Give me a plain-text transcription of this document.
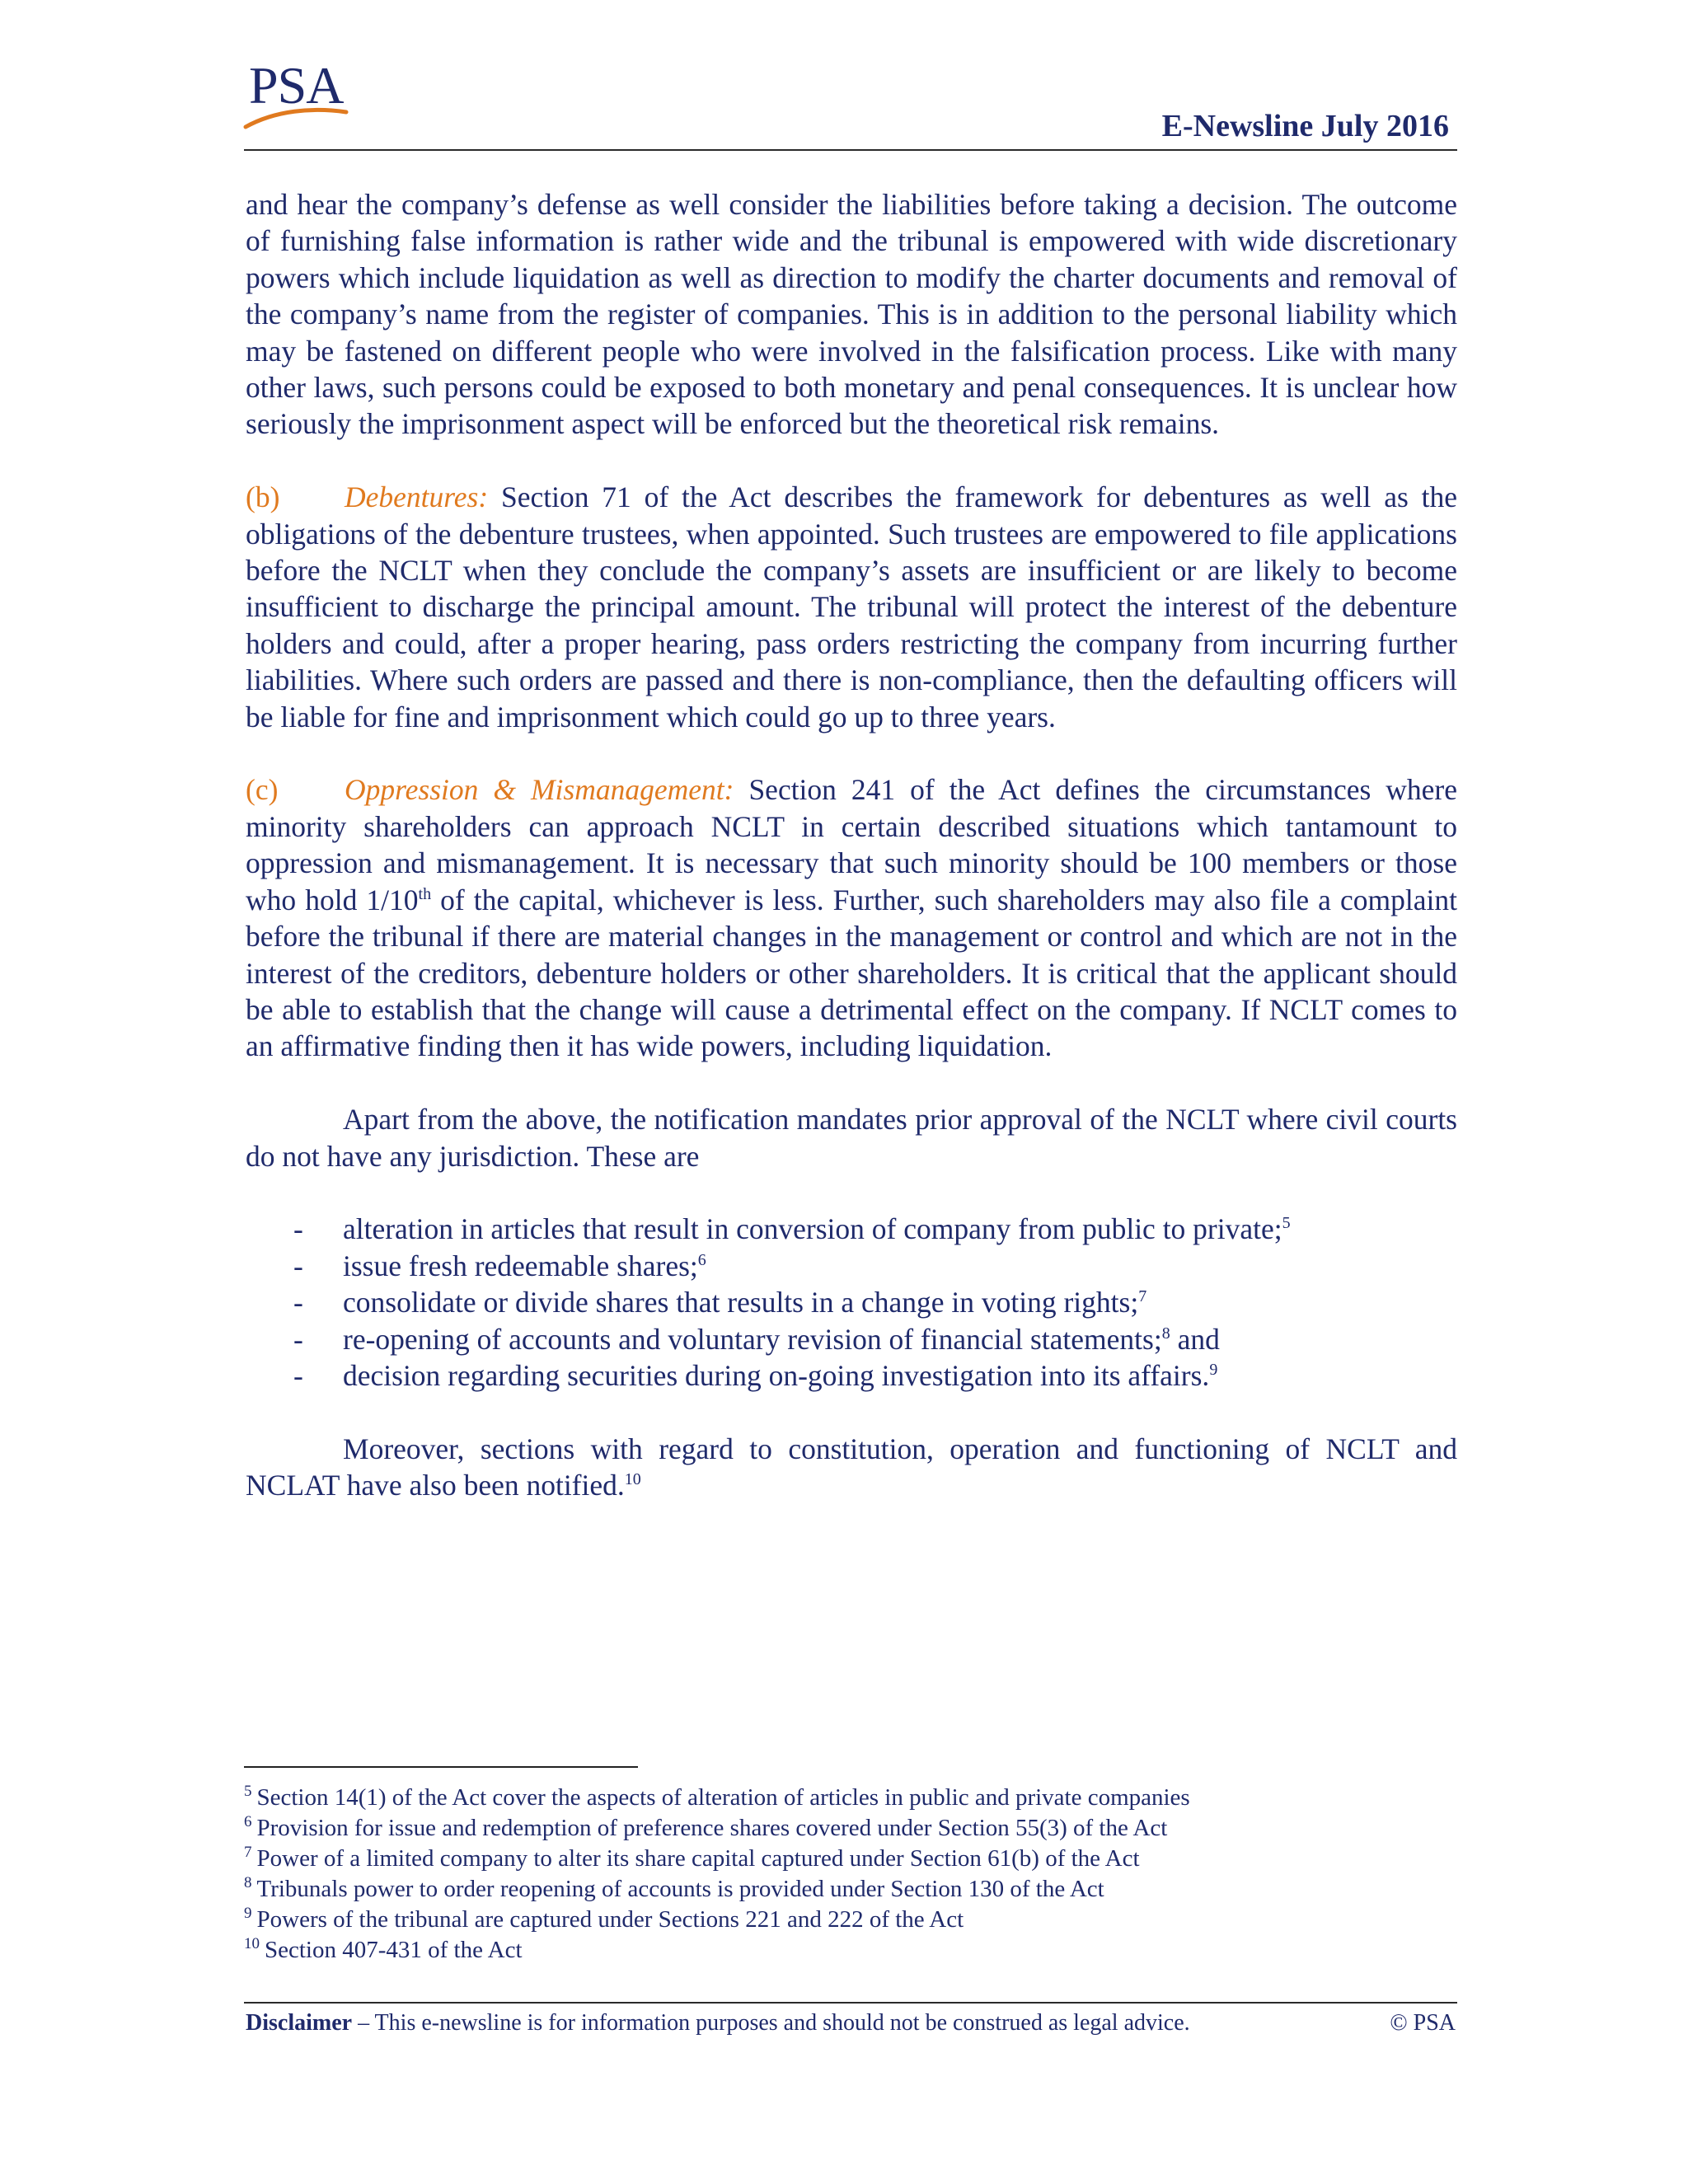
PSA
E-Newsline July 2016

and hear the company’s defense as well consider the liabilities before taking a decision. The outcome of furnishing false information is rather wide and the tribunal is empowered with wide discretionary powers which include liquidation as well as direction to modify the charter documents and removal of the company’s name from the register of companies. This is in addition to the personal liability which may be fastened on different people who were involved in the falsification process. Like with many other laws, such persons could be exposed to both monetary and penal consequences. It is unclear how seriously the imprisonment aspect will be enforced but the theoretical risk remains.

(b) Debentures: Section 71 of the Act describes the framework for debentures as well as the obligations of the debenture trustees, when appointed. Such trustees are empowered to file applications before the NCLT when they conclude the company’s assets are insufficient or are likely to become insufficient to discharge the principal amount. The tribunal will protect the interest of the debenture holders and could, after a proper hearing, pass orders restricting the company from incurring further liabilities. Where such orders are passed and there is non-compliance, then the defaulting officers will be liable for fine and imprisonment which could go up to three years.

(c) Oppression & Mismanagement: Section 241 of the Act defines the circumstances where minority shareholders can approach NCLT in certain described situations which tantamount to oppression and mismanagement. It is necessary that such minority should be 100 members or those who hold 1/10th of the capital, whichever is less. Further, such shareholders may also file a complaint before the tribunal if there are material changes in the management or control and which are not in the interest of the creditors, debenture holders or other shareholders. It is critical that the applicant should be able to establish that the change will cause a detrimental effect on the company. If NCLT comes to an affirmative finding then it has wide powers, including liquidation.

Apart from the above, the notification mandates prior approval of the NCLT where civil courts do not have any jurisdiction. These are

- alteration in articles that result in conversion of company from public to private;$^5$
- issue fresh redeemable shares;$^6$
- consolidate or divide shares that results in a change in voting rights;$^7$
- re-opening of accounts and voluntary revision of financial statements;$^8$ and
- decision regarding securities during on-going investigation into its affairs.$^9$

Moreover, sections with regard to constitution, operation and functioning of NCLT and NCLAT have also been notified.$^{10}$

$^5$ Section 14(1) of the Act cover the aspects of alteration of articles in public and private companies
$^6$ Provision for issue and redemption of preference shares covered under Section 55(3) of the Act
$^7$ Power of a limited company to alter its share capital captured under Section 61(b) of the Act
$^8$ Tribunals power to order reopening of accounts is provided under Section 130 of the Act
$^9$ Powers of the tribunal are captured under Sections 221 and 222 of the Act
$^{10}$ Section 407-431 of the Act
Disclaimer – This e-newsline is for information purposes and should not be construed as legal advice.	© PSA
